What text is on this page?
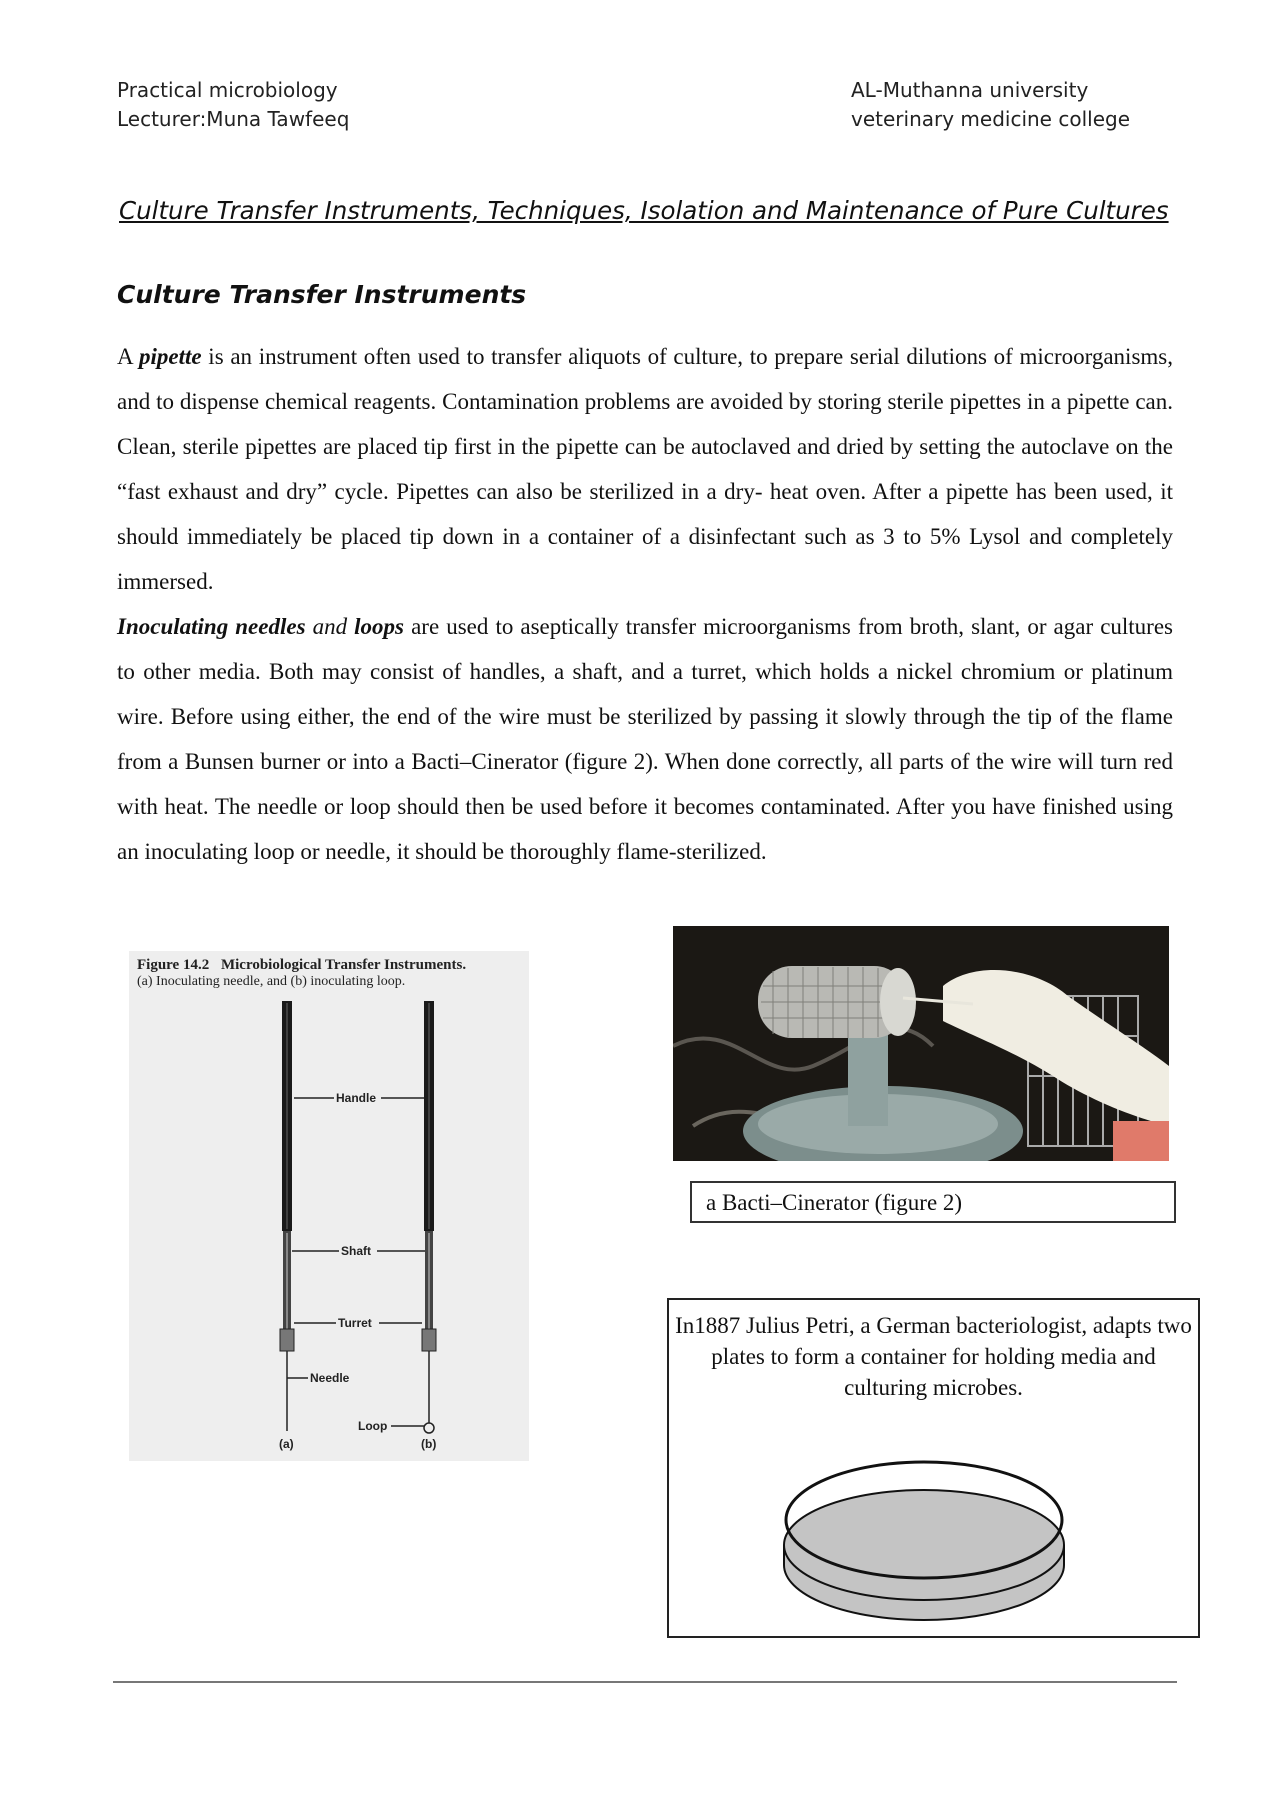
Practical microbiology
Lecturer:Muna Tawfeeq
AL-Muthanna university
veterinary medicine college
Culture Transfer Instruments, Techniques, Isolation and Maintenance of Pure Cultures
Culture Transfer Instruments

A pipette is an instrument often used to transfer aliquots of culture, to prepare serial dilutions of microorganisms, and to dispense chemical reagents. Contamination problems are avoided by storing sterile pipettes in a pipette can. Clean, sterile pipettes are placed tip first in the pipette can be autoclaved and dried by setting the autoclave on the “fast exhaust and dry” cycle. Pipettes can also be sterilized in a dry- heat oven. After a pipette has been used, it should immediately be placed tip down in a container of a disinfectant such as 3 to 5% Lysol and completely immersed.

Inoculating needles and loops are used to aseptically transfer microorganisms from broth, slant, or agar cultures to other media. Both may consist of handles, a shaft, and a turret, which holds a nickel chromium or platinum wire. Before using either, the end of the wire must be sterilized by passing it slowly through the tip of the flame from a Bunsen burner or into a Bacti–Cinerator (figure 2). When done correctly, all parts of the wire will turn red with heat. The needle or loop should then be used before it becomes contaminated. After you have finished using an inoculating loop or needle, it should be thoroughly flame-sterilized.

Figure 14.2 Microbiological Transfer Instruments.
(a) Inoculating needle, and (b) inoculating loop.
Handle
Shaft
Turret
Needle
Loop
(a)	(b)
a Bacti–Cinerator (figure 2)
In1887 Julius Petri, a German bacteriologist, adapts two plates to form a container for holding media and culturing microbes.
